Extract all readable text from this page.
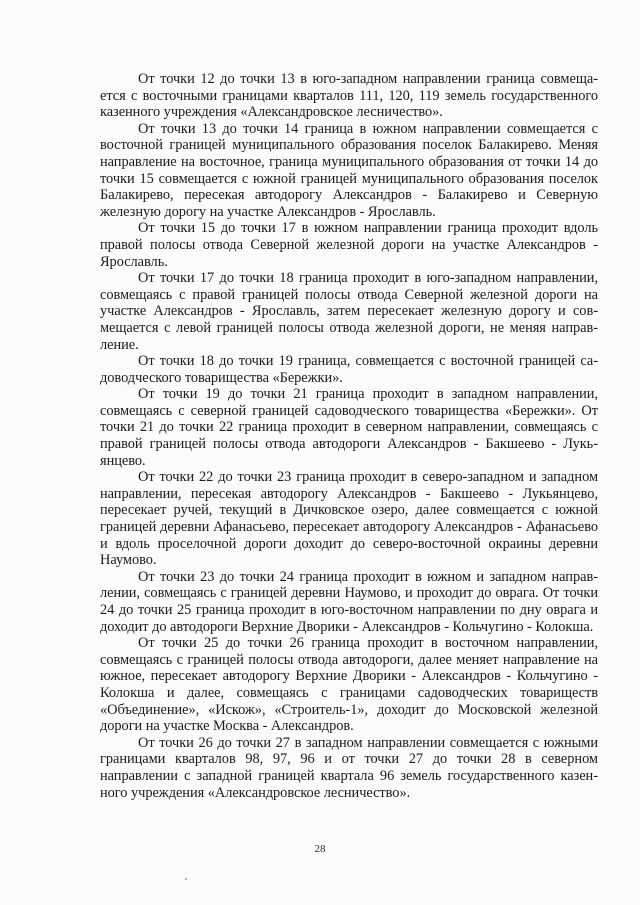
От точки 12 до точки 13 в юго-западном направлении граница совмещается с восточными границами кварталов 111, 120, 119 земель государственного казенного учреждения «Александровское лесничество».

От точки 13 до точки 14 граница в южном направлении совмещается с восточной границей муниципального образования поселок Балакирево. Меняя направление на восточное, граница муниципального образования от точки 14 до точки 15 совмещается с южной границей муниципального образования поселок Балакирево, пересекая автодорогу Александров - Балакирево и Северную железную дорогу на участке Александров - Ярославль.

От точки 15 до точки 17 в южном направлении граница проходит вдоль правой полосы отвода Северной железной дороги на участке Александров - Ярославль.

От точки 17 до точки 18 граница проходит в юго-западном направлении, совмещаясь с правой границей полосы отвода Северной железной дороги на участке Александров - Ярославль, затем пересекает железную дорогу и совмещается с левой границей полосы отвода железной дороги, не меняя направление.

От точки 18 до точки 19 граница, совмещается с восточной границей садоводческого товарищества «Бережки».

От точки 19 до точки 21 граница проходит в западном направлении, совмещаясь с северной границей садоводческого товарищества «Бережки». От точки 21 до точки 22 граница проходит в северном направлении, совмещаясь с правой границей полосы отвода автодороги Александров - Бакшеево - Лукьянцево.

От точки 22 до точки 23 граница проходит в северо-западном и западном направлении, пересекая автодорогу Александров - Бакшеево - Лукьянцево, пересекает ручей, текущий в Дичковское озеро, далее совмещается с южной границей деревни Афанасьево, пересекает автодорогу Александров - Афанасьево и вдоль проселочной дороги доходит до северо-восточной окраины деревни Наумово.

От точки 23 до точки 24 граница проходит в южном и западном направлении, совмещаясь с границей деревни Наумово, и проходит до оврага. От точки 24 до точки 25 граница проходит в юго-восточном направлении по дну оврага и доходит до автодороги Верхние Дворики - Александров - Кольчугино - Колокша.

От точки 25 до точки 26 граница проходит в восточном направлении, совмещаясь с границей полосы отвода автодороги, далее меняет направление на южное, пересекает автодорогу Верхние Дворики - Александров - Кольчугино - Колокша и далее, совмещаясь с границами садоводческих товариществ «Объединение», «Искож», «Строитель-1», доходит до Московской железной дороги на участке Москва - Александров.

От точки 26 до точки 27 в западном направлении совмещается с южными границами кварталов 98, 97, 96 и от точки 27 до точки 28 в северном направлении с западной границей квартала 96 земель государственного казенного учреждения «Александровское лесничество».

28
